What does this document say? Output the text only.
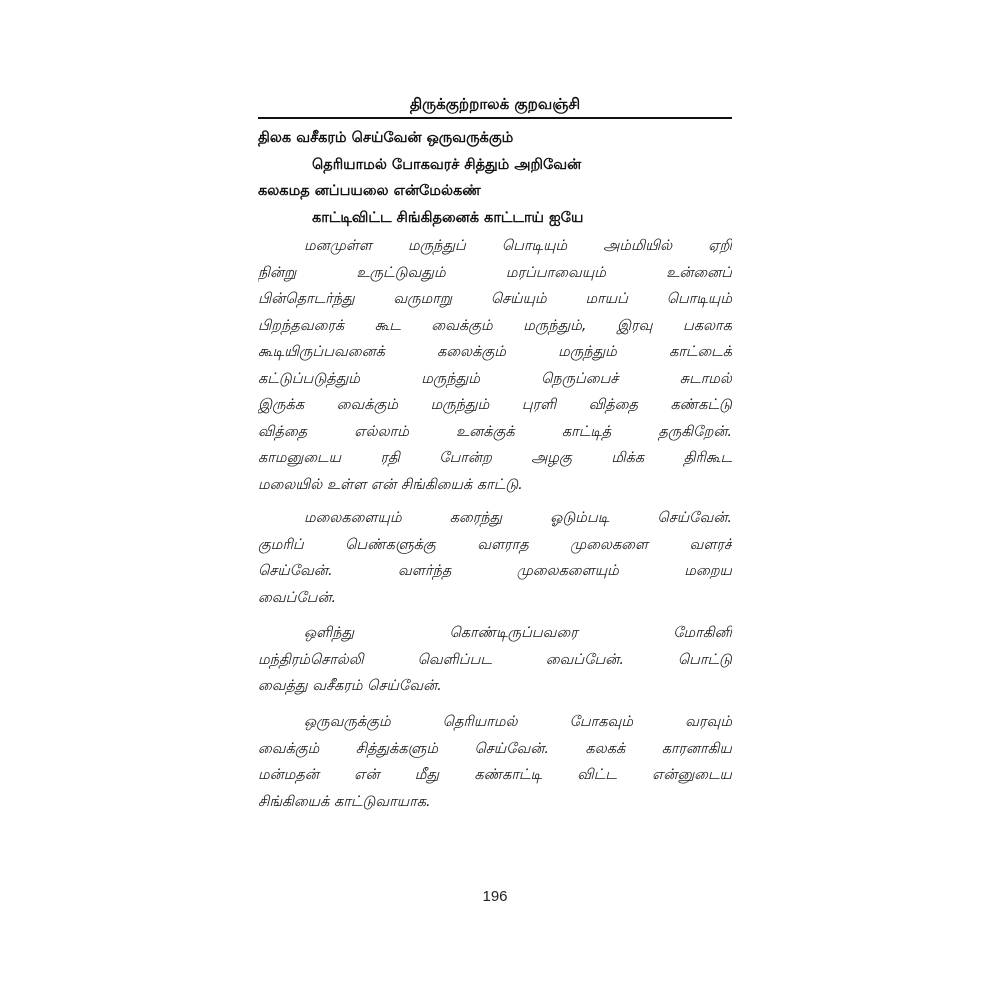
திருக்குற்றாலக் குறவஞ்சி
திலக வசீகரம் செய்வேன் ஒருவருக்கும்
தெரியாமல் போகவரச் சித்தும் அறிவேன்
கலகமத னப்பயலை என்மேல்கண்
காட்டிவிட்ட சிங்கிதனைக் காட்டாய் ஐயே
மனமுள்ள மருந்துப் பொடியும் அம்மியில் ஏறி
நின்று உருட்டுவதும் மரப்பாவையும் உன்னைப்
பின்தொடர்ந்து வருமாறு செய்யும் மாயப் பொடியும்
பிறந்தவரைக் கூட வைக்கும் மருந்தும், இரவு பகலாக
கூடியிருப்பவனைக் கலைக்கும் மருந்தும் காட்டைக்
கட்டுப்படுத்தும் மருந்தும் நெருப்பைச் சுடாமல்
இருக்க வைக்கும் மருந்தும் புரளி வித்தை கண்கட்டு
வித்தை எல்லாம் உனக்குக் காட்டித் தருகிறேன்.
காமனுடைய ரதி போன்ற அழகு மிக்க திரிகூட
மலையில் உள்ள என் சிங்கியைக் காட்டு.
மலைகளையும் கரைந்து ஓடும்படி செய்வேன்.
குமரிப் பெண்களுக்கு வளராத முலைகளை வளரச்
செய்வேன். வளர்ந்த முலைகளையும் மறைய
வைப்பேன்.
ஒளிந்து கொண்டிருப்பவரை மோகினி
மந்திரம்சொல்லி வெளிப்பட வைப்பேன். பொட்டு
வைத்து வசீகரம் செய்வேன்.
ஒருவருக்கும் தெரியாமல் போகவும் வரவும்
வைக்கும் சித்துக்களும் செய்வேன். கலகக் காரனாகிய
மன்மதன் என் மீது கண்காட்டி விட்ட என்னுடைய
சிங்கியைக் காட்டுவாயாக.
196
